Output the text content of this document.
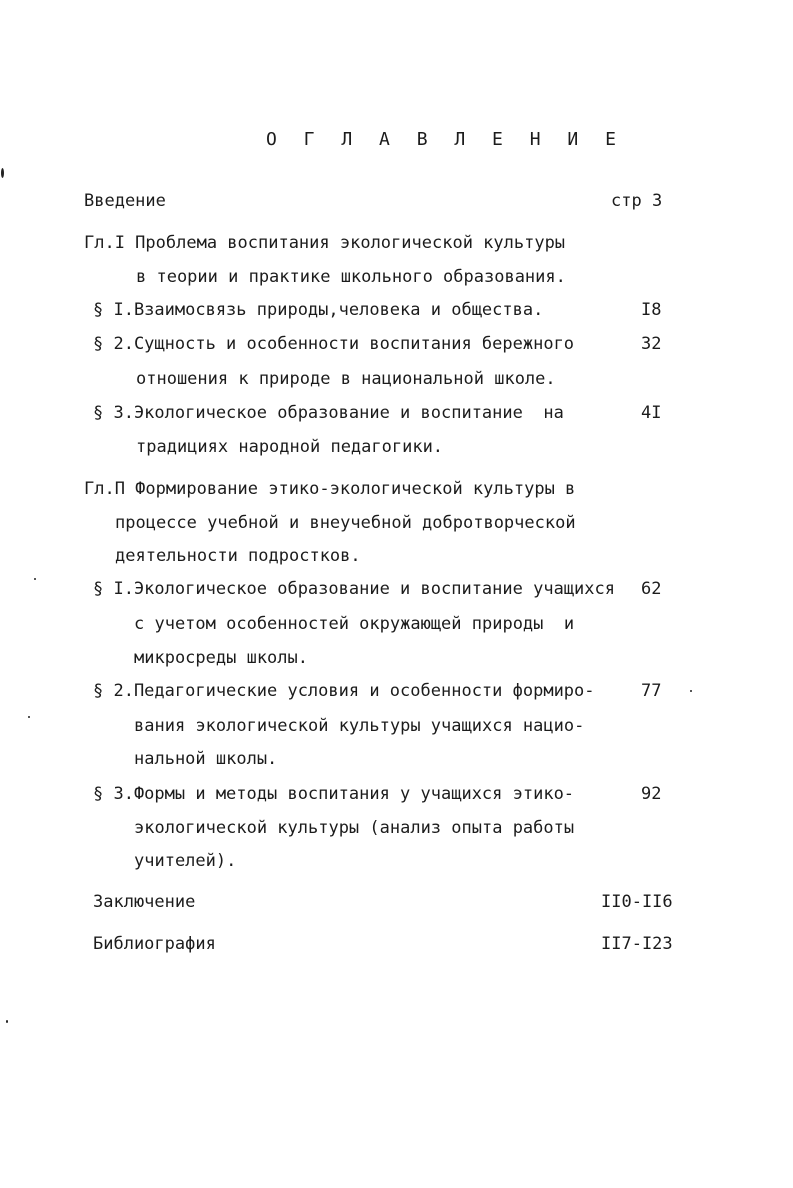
О Г Л А В Л Е Н И Е
Введение	стр 3
Гл.I Проблема воспитания экологической культуры
в теории и практике школьного образования.
§ I.Взаимосвязь природы,человека и общества.	I8
§ 2.Сущность и особенности воспитания бережного	32
отношения к природе в национальной школе.
§ 3.Экологическое образование и воспитание  на	4I
традициях народной педагогики.
Гл.П Формирование этико-экологической культуры в
процессе учебной и внеучебной добротворческой
деятельности подростков.
§ I.Экологическое образование и воспитание учащихся 62
с учетом особенностей окружающей природы  и
микросреды школы.
§ 2.Педагогические условия и особенности формиро-	77
вания экологической культуры учащихся нацио-
нальной школы.
§ 3.Формы и методы воспитания у учащихся этико-	92
экологической культуры (анализ опыта работы
учителей).
Заключение	II0-II6
Библиография	II7-I23
